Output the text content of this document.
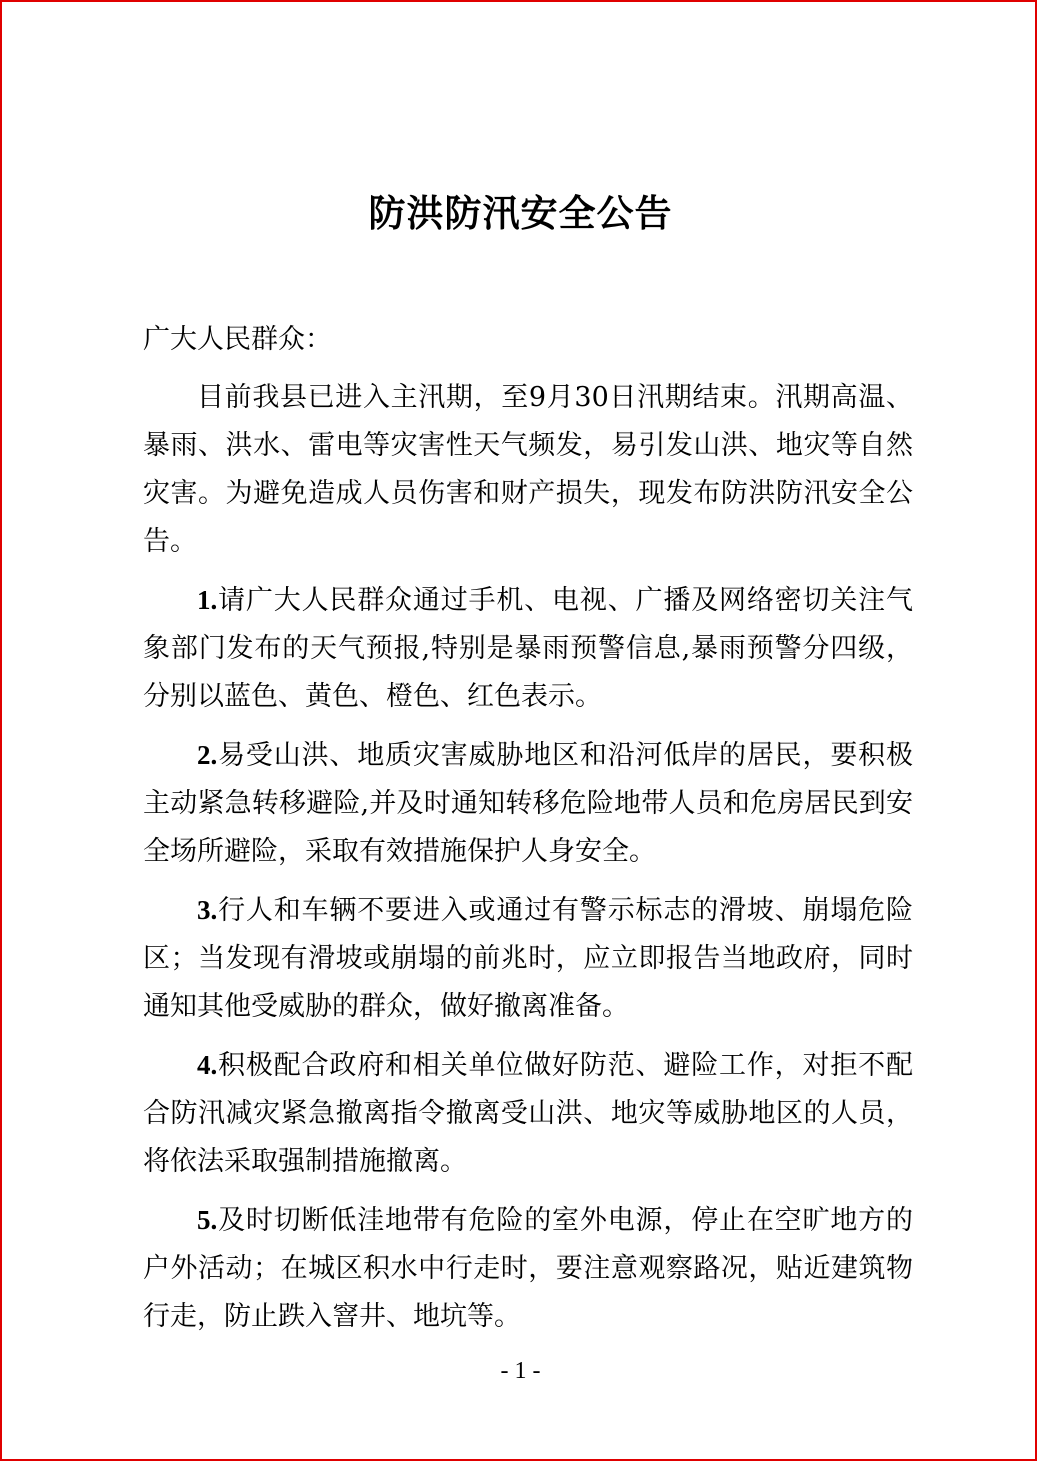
防洪防汛安全公告

广大人民群众：

目前我县已进入主汛期，至9月30日汛期结束。汛期高温、暴雨、洪水、雷电等灾害性天气频发，易引发山洪、地灾等自然灾害。为避免造成人员伤害和财产损失，现发布防洪防汛安全公告。

1.请广大人民群众通过手机、电视、广播及网络密切关注气象部门发布的天气预报,特别是暴雨预警信息,暴雨预警分四级，分别以蓝色、黄色、橙色、红色表示。

2.易受山洪、地质灾害威胁地区和沿河低岸的居民，要积极主动紧急转移避险,并及时通知转移危险地带人员和危房居民到安全场所避险，采取有效措施保护人身安全。

3.行人和车辆不要进入或通过有警示标志的滑坡、崩塌危险区；当发现有滑坡或崩塌的前兆时，应立即报告当地政府，同时通知其他受威胁的群众，做好撤离准备。

4.积极配合政府和相关单位做好防范、避险工作，对拒不配合防汛减灾紧急撤离指令撤离受山洪、地灾等威胁地区的人员，将依法采取强制措施撤离。

5.及时切断低洼地带有危险的室外电源，停止在空旷地方的户外活动；在城区积水中行走时，要注意观察路况，贴近建筑物行走，防止跌入窨井、地坑等。

- 1 -
